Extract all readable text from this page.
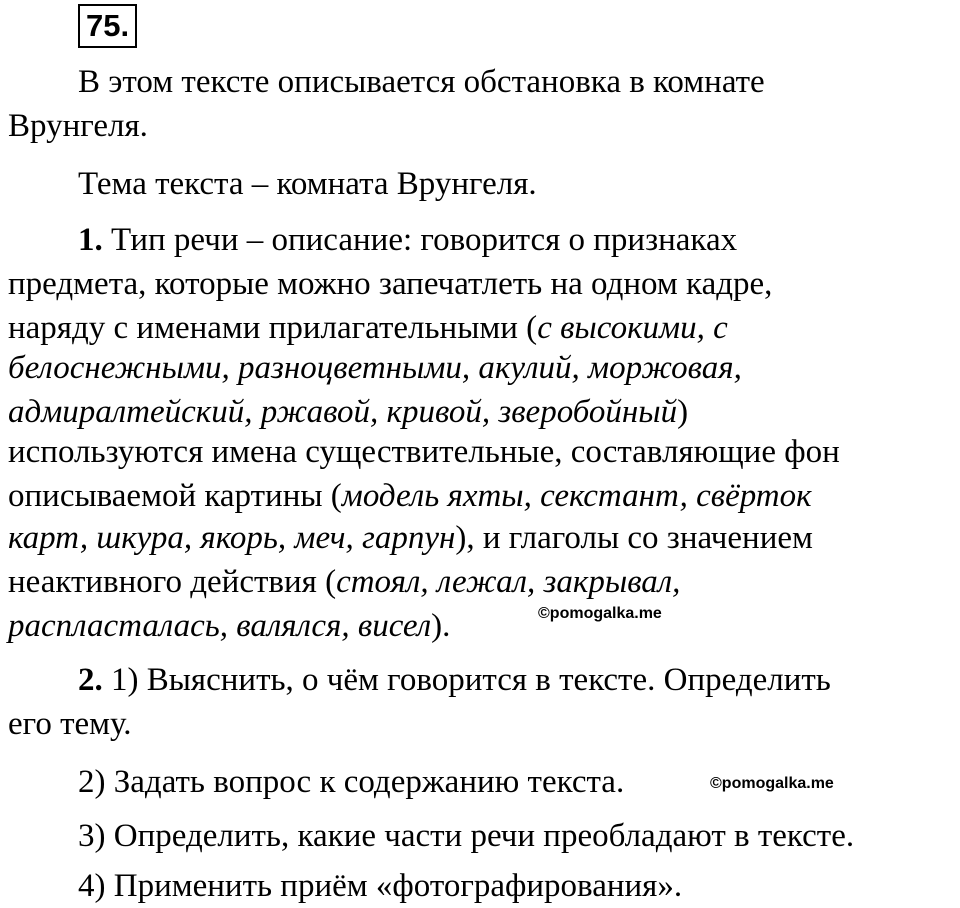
75.
В этом тексте описывается обстановка в комнате
Врунгеля.
Тема текста – комната Врунгеля.
1. Тип речи – описание: говорится о признаках
предмета, которые можно запечатлеть на одном кадре,
наряду с именами прилагательными (с высокими, с
белоснежными, разноцветными, акулий, моржовая,
адмиралтейский, ржавой, кривой, зверобойный)
используются имена существительные, составляющие фон
описываемой картины (модель яхты, секстант, свёрток
карт, шкура, якорь, меч, гарпун), и глаголы со значением
неактивного действия (стоял, лежал, закрывал,
распласталась, валялся, висел).	©pomogalka.me
2. 1) Выяснить, о чём говорится в тексте. Определить
его тему.
2) Задать вопрос к содержанию текста.	©pomogalka.me
3) Определить, какие части речи преобладают в тексте.
4) Применить приём «фотографирования».
